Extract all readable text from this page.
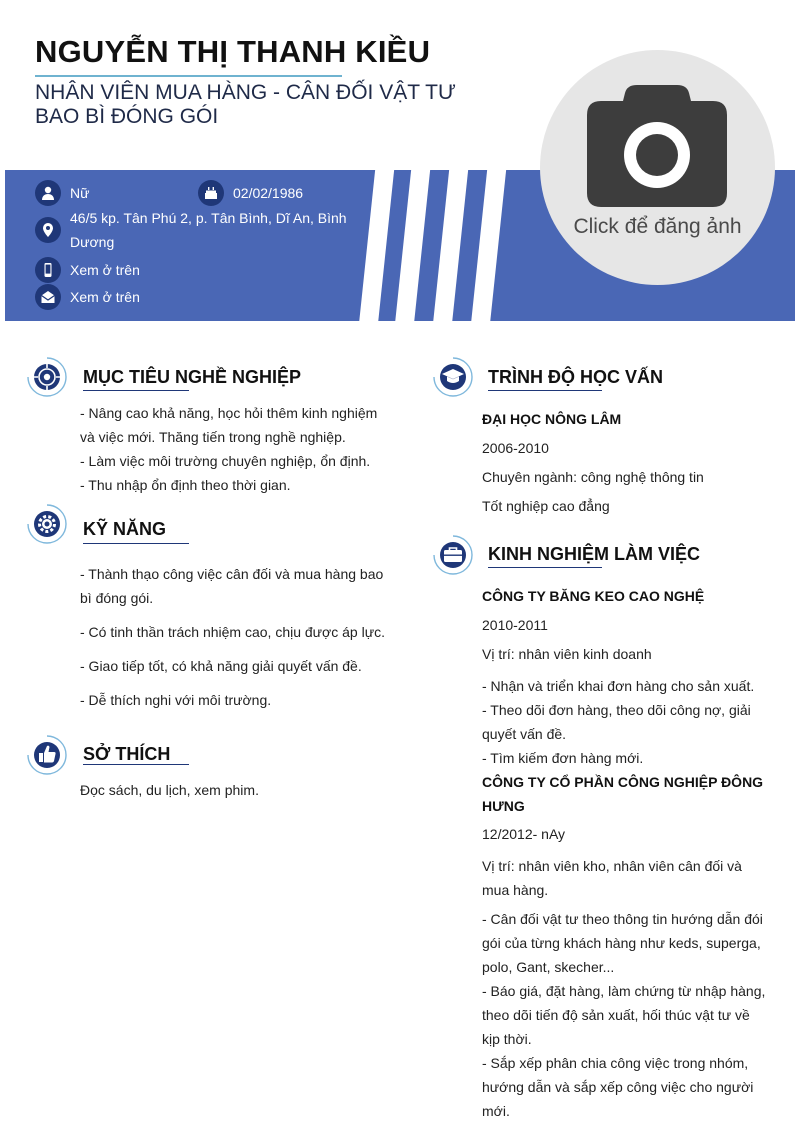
NGUYỄN THỊ THANH KIỀU
NHÂN VIÊN MUA HÀNG - CÂN ĐỐI VẬT TƯ
BAO BÌ ĐÓNG GÓI
Nữ	02/02/1986
46/5 kp. Tân Phú 2, p. Tân Bình, Dĩ An, Bình
Dương
Xem ở trên
Xem ở trên
Click để đăng ảnh
MỤC TIÊU NGHỀ NGHIỆP

- Nâng cao khả năng, học hỏi thêm kinh nghiệm

và việc mới. Thăng tiến trong nghề nghiệp.

- Làm việc môi trường chuyên nghiệp, ổn định.

- Thu nhập ổn định theo thời gian.

KỸ NĂNG

- Thành thạo công việc cân đối và mua hàng bao

bì đóng gói.

- Có tinh thần trách nhiệm cao, chịu được áp lực.

- Giao tiếp tốt, có khả năng giải quyết vấn đề.

- Dễ thích nghi với môi trường.

SỞ THÍCH
Đọc sách, du lịch, xem phim.
TRÌNH ĐỘ HỌC VẤN

ĐẠI HỌC NÔNG LÂM

2006-2010

Chuyên ngành: công nghệ thông tin

Tốt nghiệp cao đẳng

KINH NGHIỆM LÀM VIỆC

CÔNG TY BĂNG KEO CAO NGHỆ

2010-2011

Vị trí: nhân viên kinh doanh

- Nhận và triển khai đơn hàng cho sản xuất.

- Theo dõi đơn hàng, theo dõi công nợ, giải

quyết vấn đề.

- Tìm kiếm đơn hàng mới.

CÔNG TY CỔ PHẦN CÔNG NGHIỆP ĐÔNG

HƯNG

12/2012- nAy

Vị trí: nhân viên kho, nhân viên cân đối và

mua hàng.

- Cân đối vật tư theo thông tin hướng dẫn đói

gói của từng khách hàng như keds, superga,

polo, Gant, skecher...

- Báo giá, đặt hàng, làm chứng từ nhập hàng,

theo dõi tiến độ sản xuất, hối thúc vật tư về

kịp thời.

- Sắp xếp phân chia công việc trong nhóm,

hướng dẫn và sắp xếp công việc cho người

mới.
